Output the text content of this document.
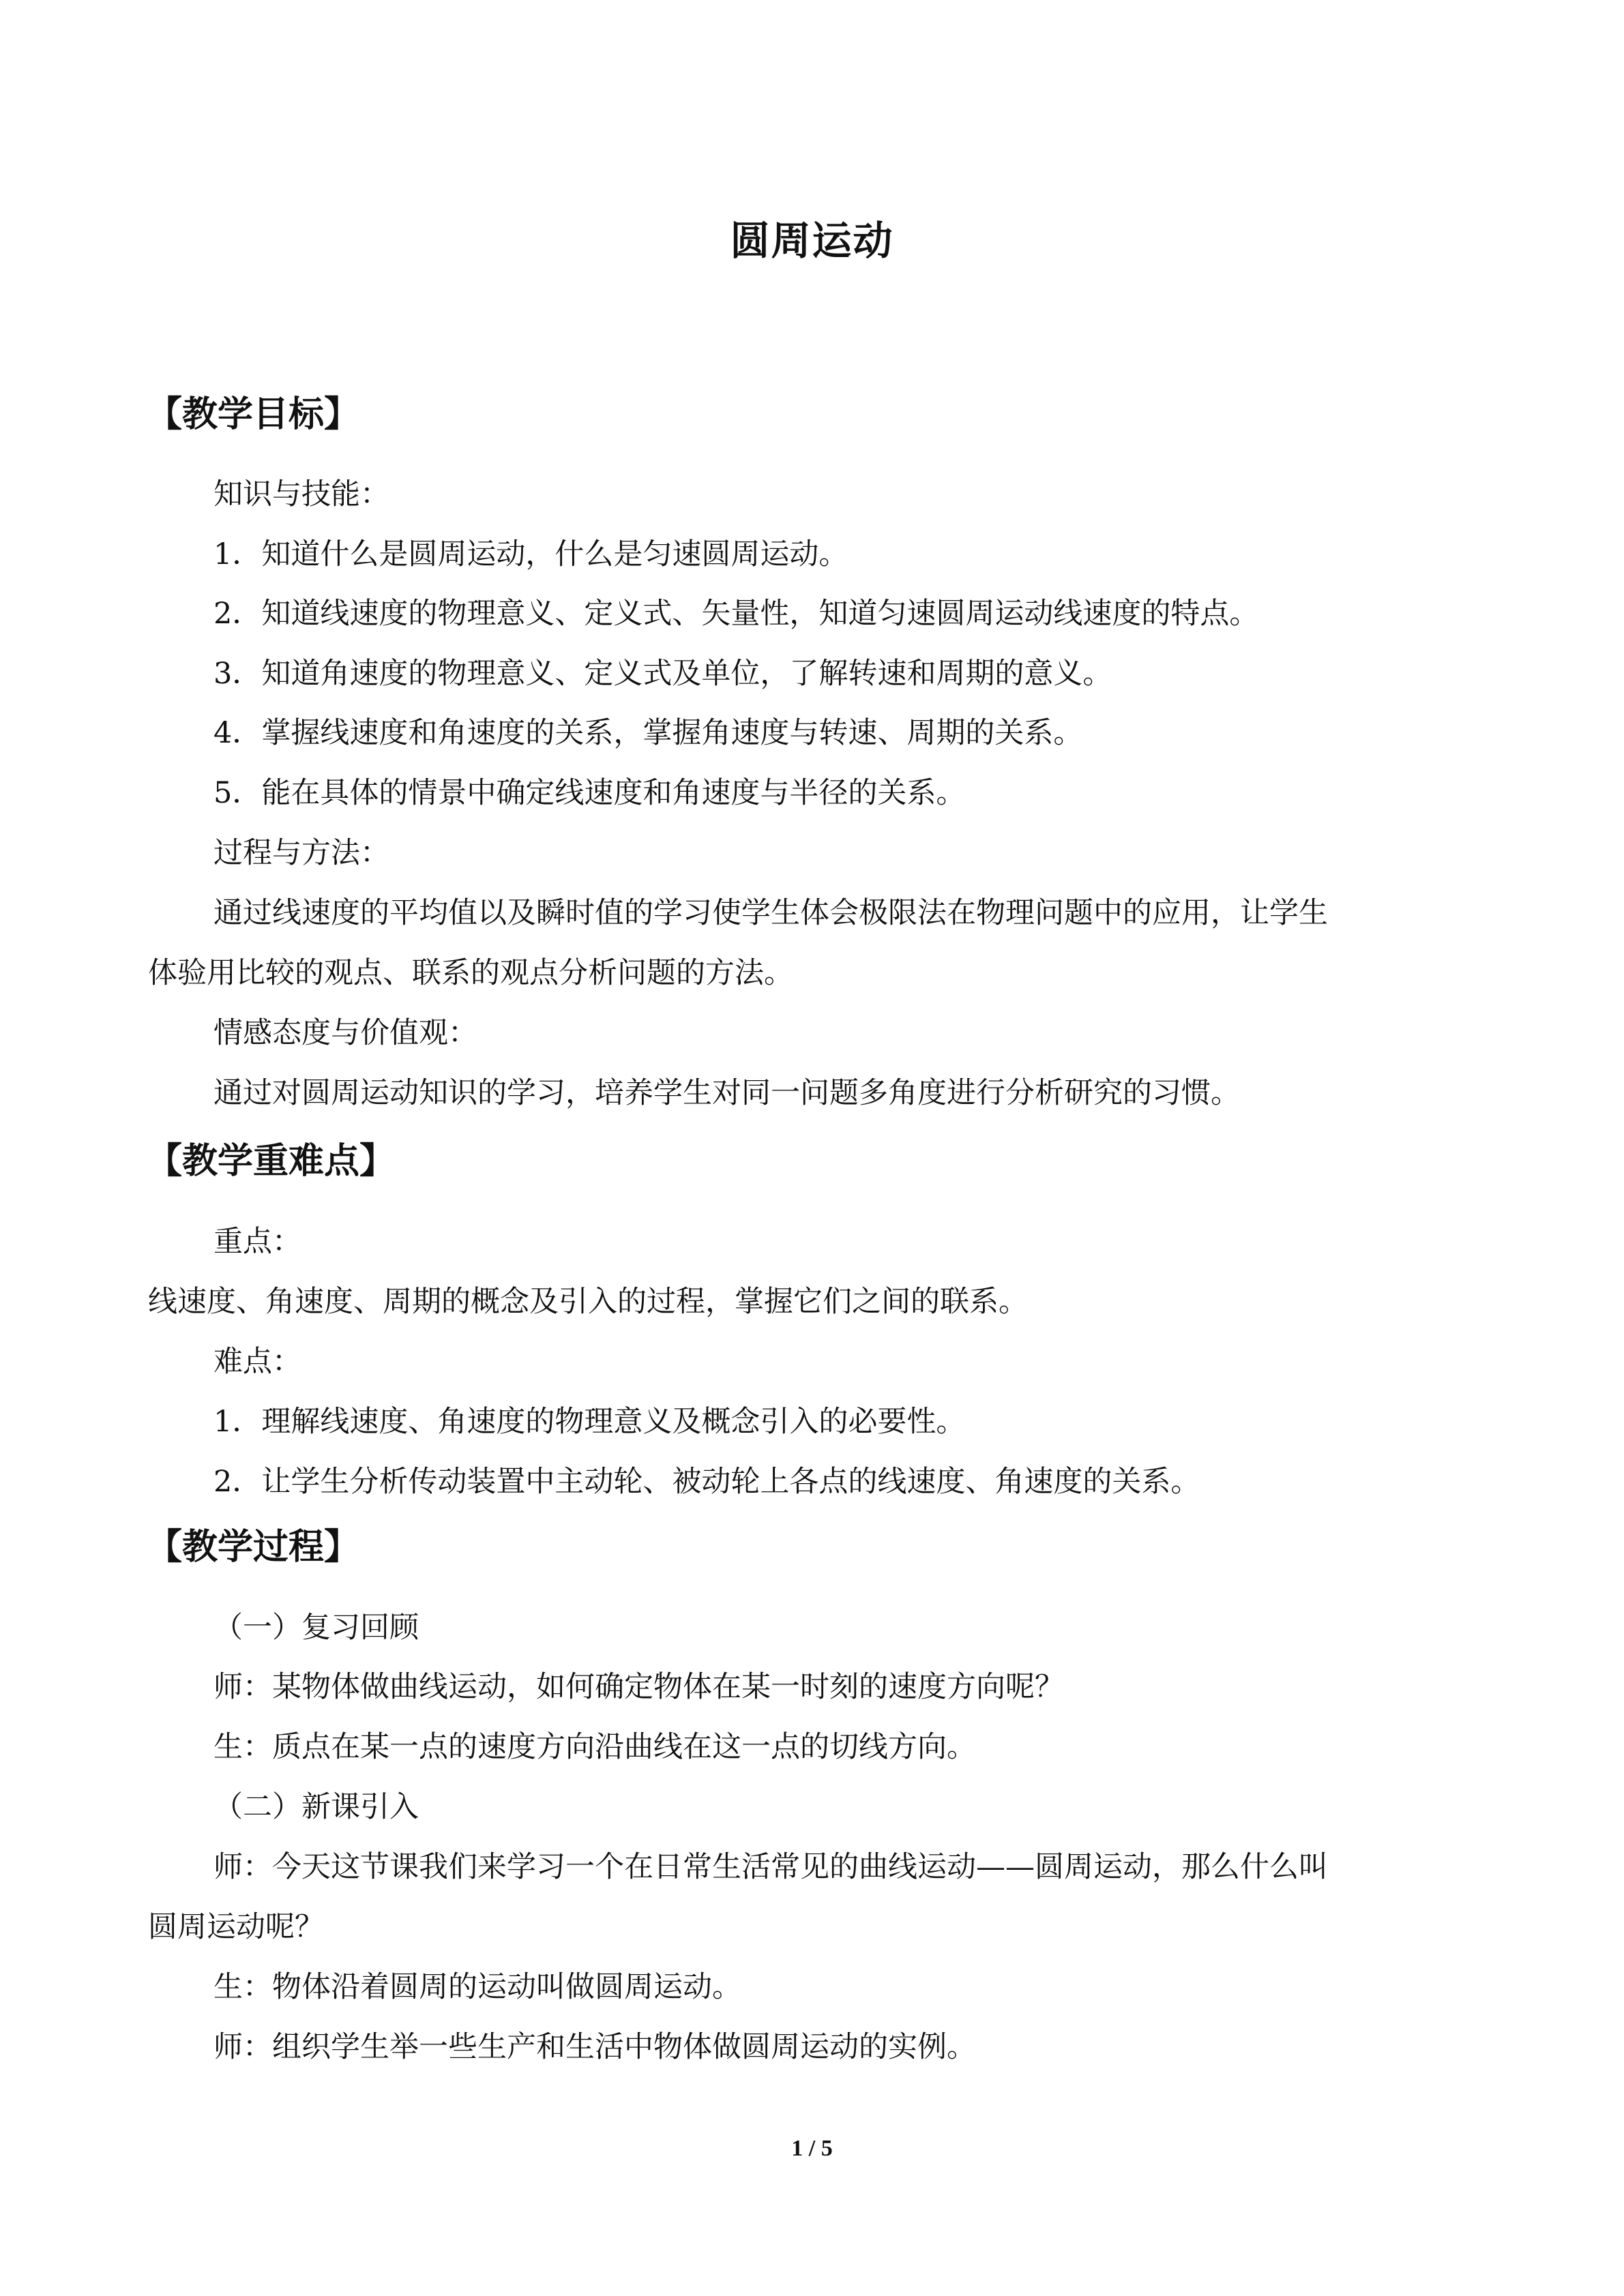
圆周运动
【教学目标】
知识与技能：
1．知道什么是圆周运动，什么是匀速圆周运动。
2．知道线速度的物理意义、定义式、矢量性，知道匀速圆周运动线速度的特点。
3．知道角速度的物理意义、定义式及单位，了解转速和周期的意义。
4．掌握线速度和角速度的关系，掌握角速度与转速、周期的关系。
5．能在具体的情景中确定线速度和角速度与半径的关系。
过程与方法：
通过线速度的平均值以及瞬时值的学习使学生体会极限法在物理问题中的应用，让学生
体验用比较的观点、联系的观点分析问题的方法。
情感态度与价值观：
通过对圆周运动知识的学习，培养学生对同一问题多角度进行分析研究的习惯。
【教学重难点】
重点：
线速度、角速度、周期的概念及引入的过程，掌握它们之间的联系。
难点：
1．理解线速度、角速度的物理意义及概念引入的必要性。
2．让学生分析传动装置中主动轮、被动轮上各点的线速度、角速度的关系。
【教学过程】
（一）复习回顾
师：某物体做曲线运动，如何确定物体在某一时刻的速度方向呢？
生：质点在某一点的速度方向沿曲线在这一点的切线方向。
（二）新课引入
师：今天这节课我们来学习一个在日常生活常见的曲线运动——圆周运动，那么什么叫
圆周运动呢？
生：物体沿着圆周的运动叫做圆周运动。
师：组织学生举一些生产和生活中物体做圆周运动的实例。
1 / 5
